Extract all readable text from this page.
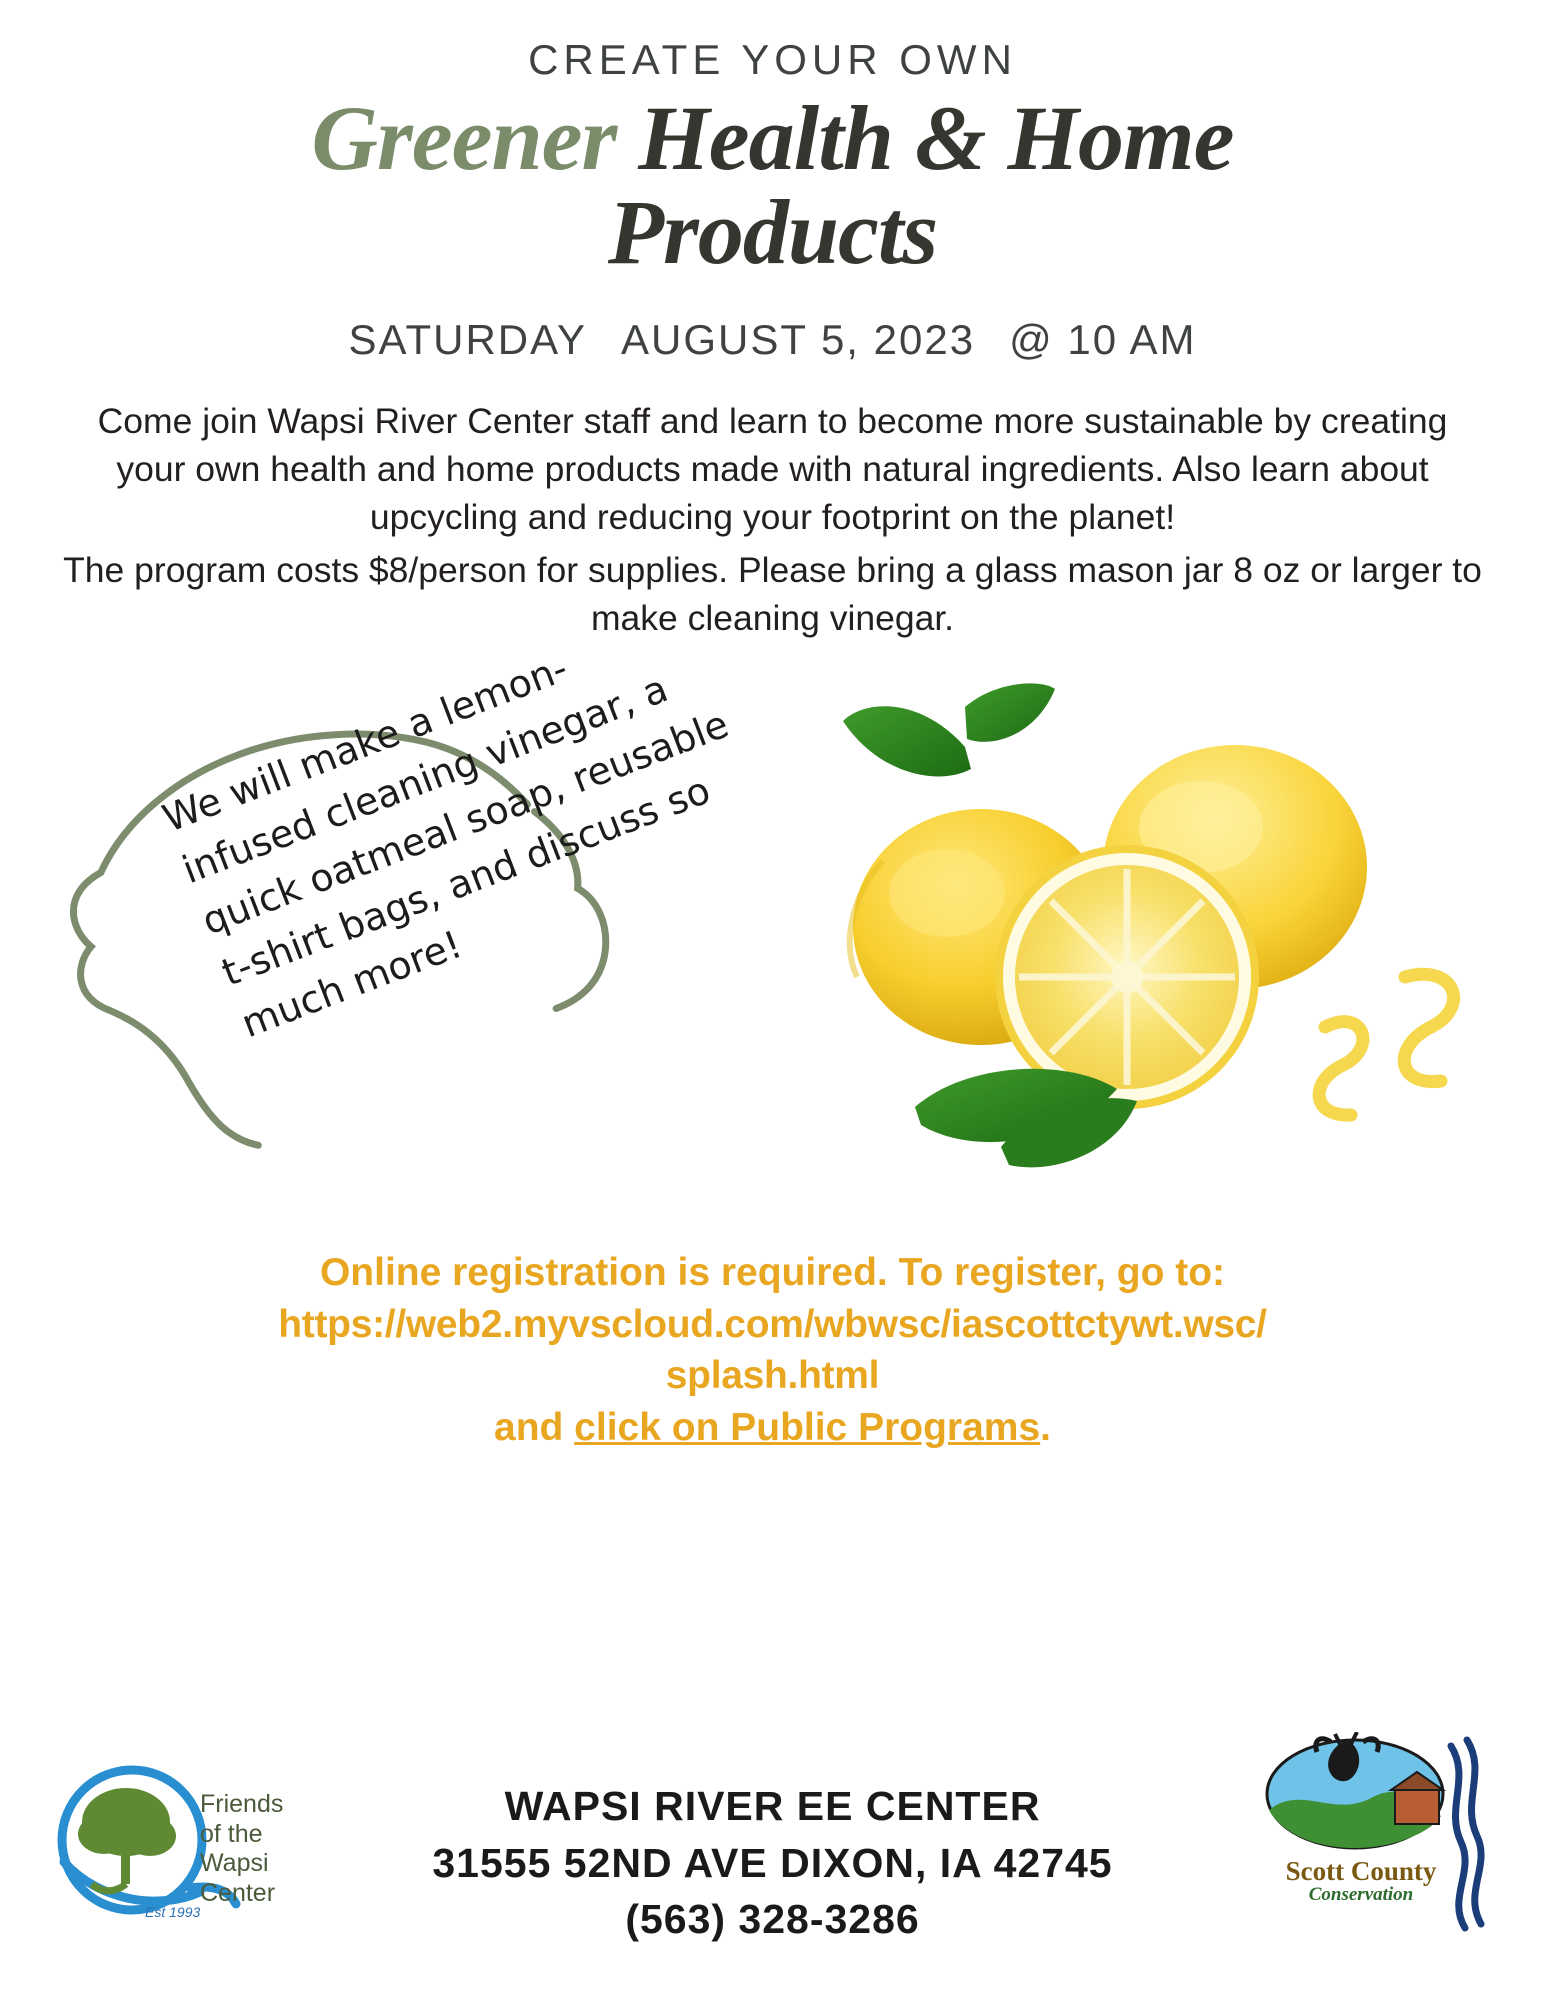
CREATE YOUR OWN
Greener Health & Home
Products
SATURDAY AUGUST 5, 2023 @ 10 AM

Come join Wapsi River Center staff and learn to become more sustainable by creating your own health and home products made with natural ingredients. Also learn about upcycling and reducing your footprint on the planet!

The program costs $8/person for supplies. Please bring a glass mason jar 8 oz or larger to make cleaning vinegar.

We will make a lemon-infused cleaning vinegar, a quick oatmeal soap, reusable t-shirt bags, and discuss so much more!
Online registration is required. To register, go to:
https://web2.myvscloud.com/wbwsc/iascottctywt.wsc/
splash.html
and click on Public Programs.
Friends
of the
Wapsi Center
Est 1993
WAPSI RIVER EE CENTER
31555 52ND AVE DIXON, IA 42745
(563) 328-3286
Scott County
Conservation
